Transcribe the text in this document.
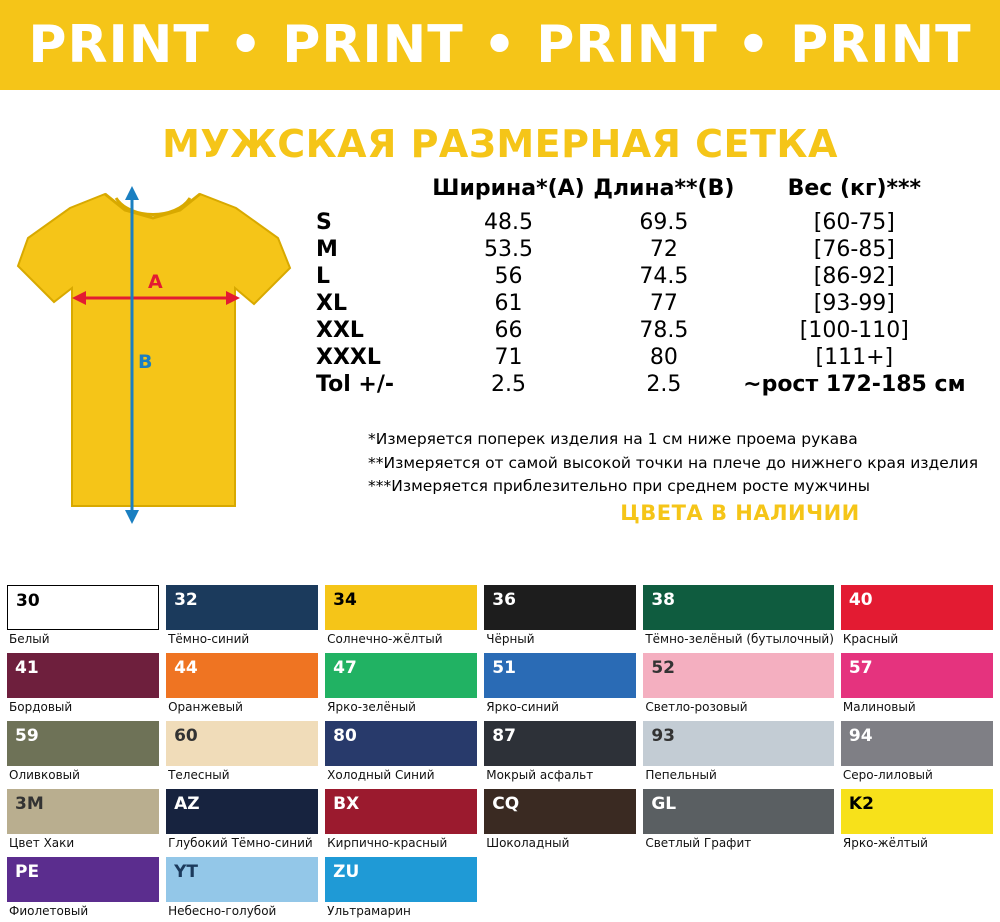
PRINT • PRINT • PRINT • PRINT
МУЖСКАЯ РАЗМЕРНАЯ СЕТКА
A
B
	Ширина*(A)	Длина**(B)	Вес (кг)***
S	48.5	69.5	[60-75]
M	53.5	72	[76-85]
L	56	74.5	[86-92]
XL	61	77	[93-99]
XXL	66	78.5	[100-110]
XXXL	71	80	[111+]
Tol +/-	2.5	2.5	~рост 172-185 см
*Измеряется поперек изделия на 1 см ниже проема рукава
**Измеряется от самой высокой точки на плече до нижнего края изделия
***Измеряется приблезительно при среднем росте мужчины
ЦВЕТА В НАЛИЧИИ
30
Белый
32
Тёмно-синий
34
Солнечно-жёлтый
36
Чёрный
38
Тёмно-зелёный (бутылочный)
40
Красный
41
Бордовый
44
Оранжевый
47
Ярко-зелёный
51
Ярко-синий
52
Светло-розовый
57
Малиновый
59
Оливковый
60
Телесный
80
Холодный Синий
87
Мокрый асфальт
93
Пепельный
94
Серо-лиловый
3M
Цвет Хаки
AZ
Глубокий Тёмно-синий
BX
Кирпично-красный
CQ
Шоколадный
GL
Светлый Графит
K2
Ярко-жёлтый
PE
Фиолетовый
YT
Небесно-голубой
ZU
Ультрамарин
